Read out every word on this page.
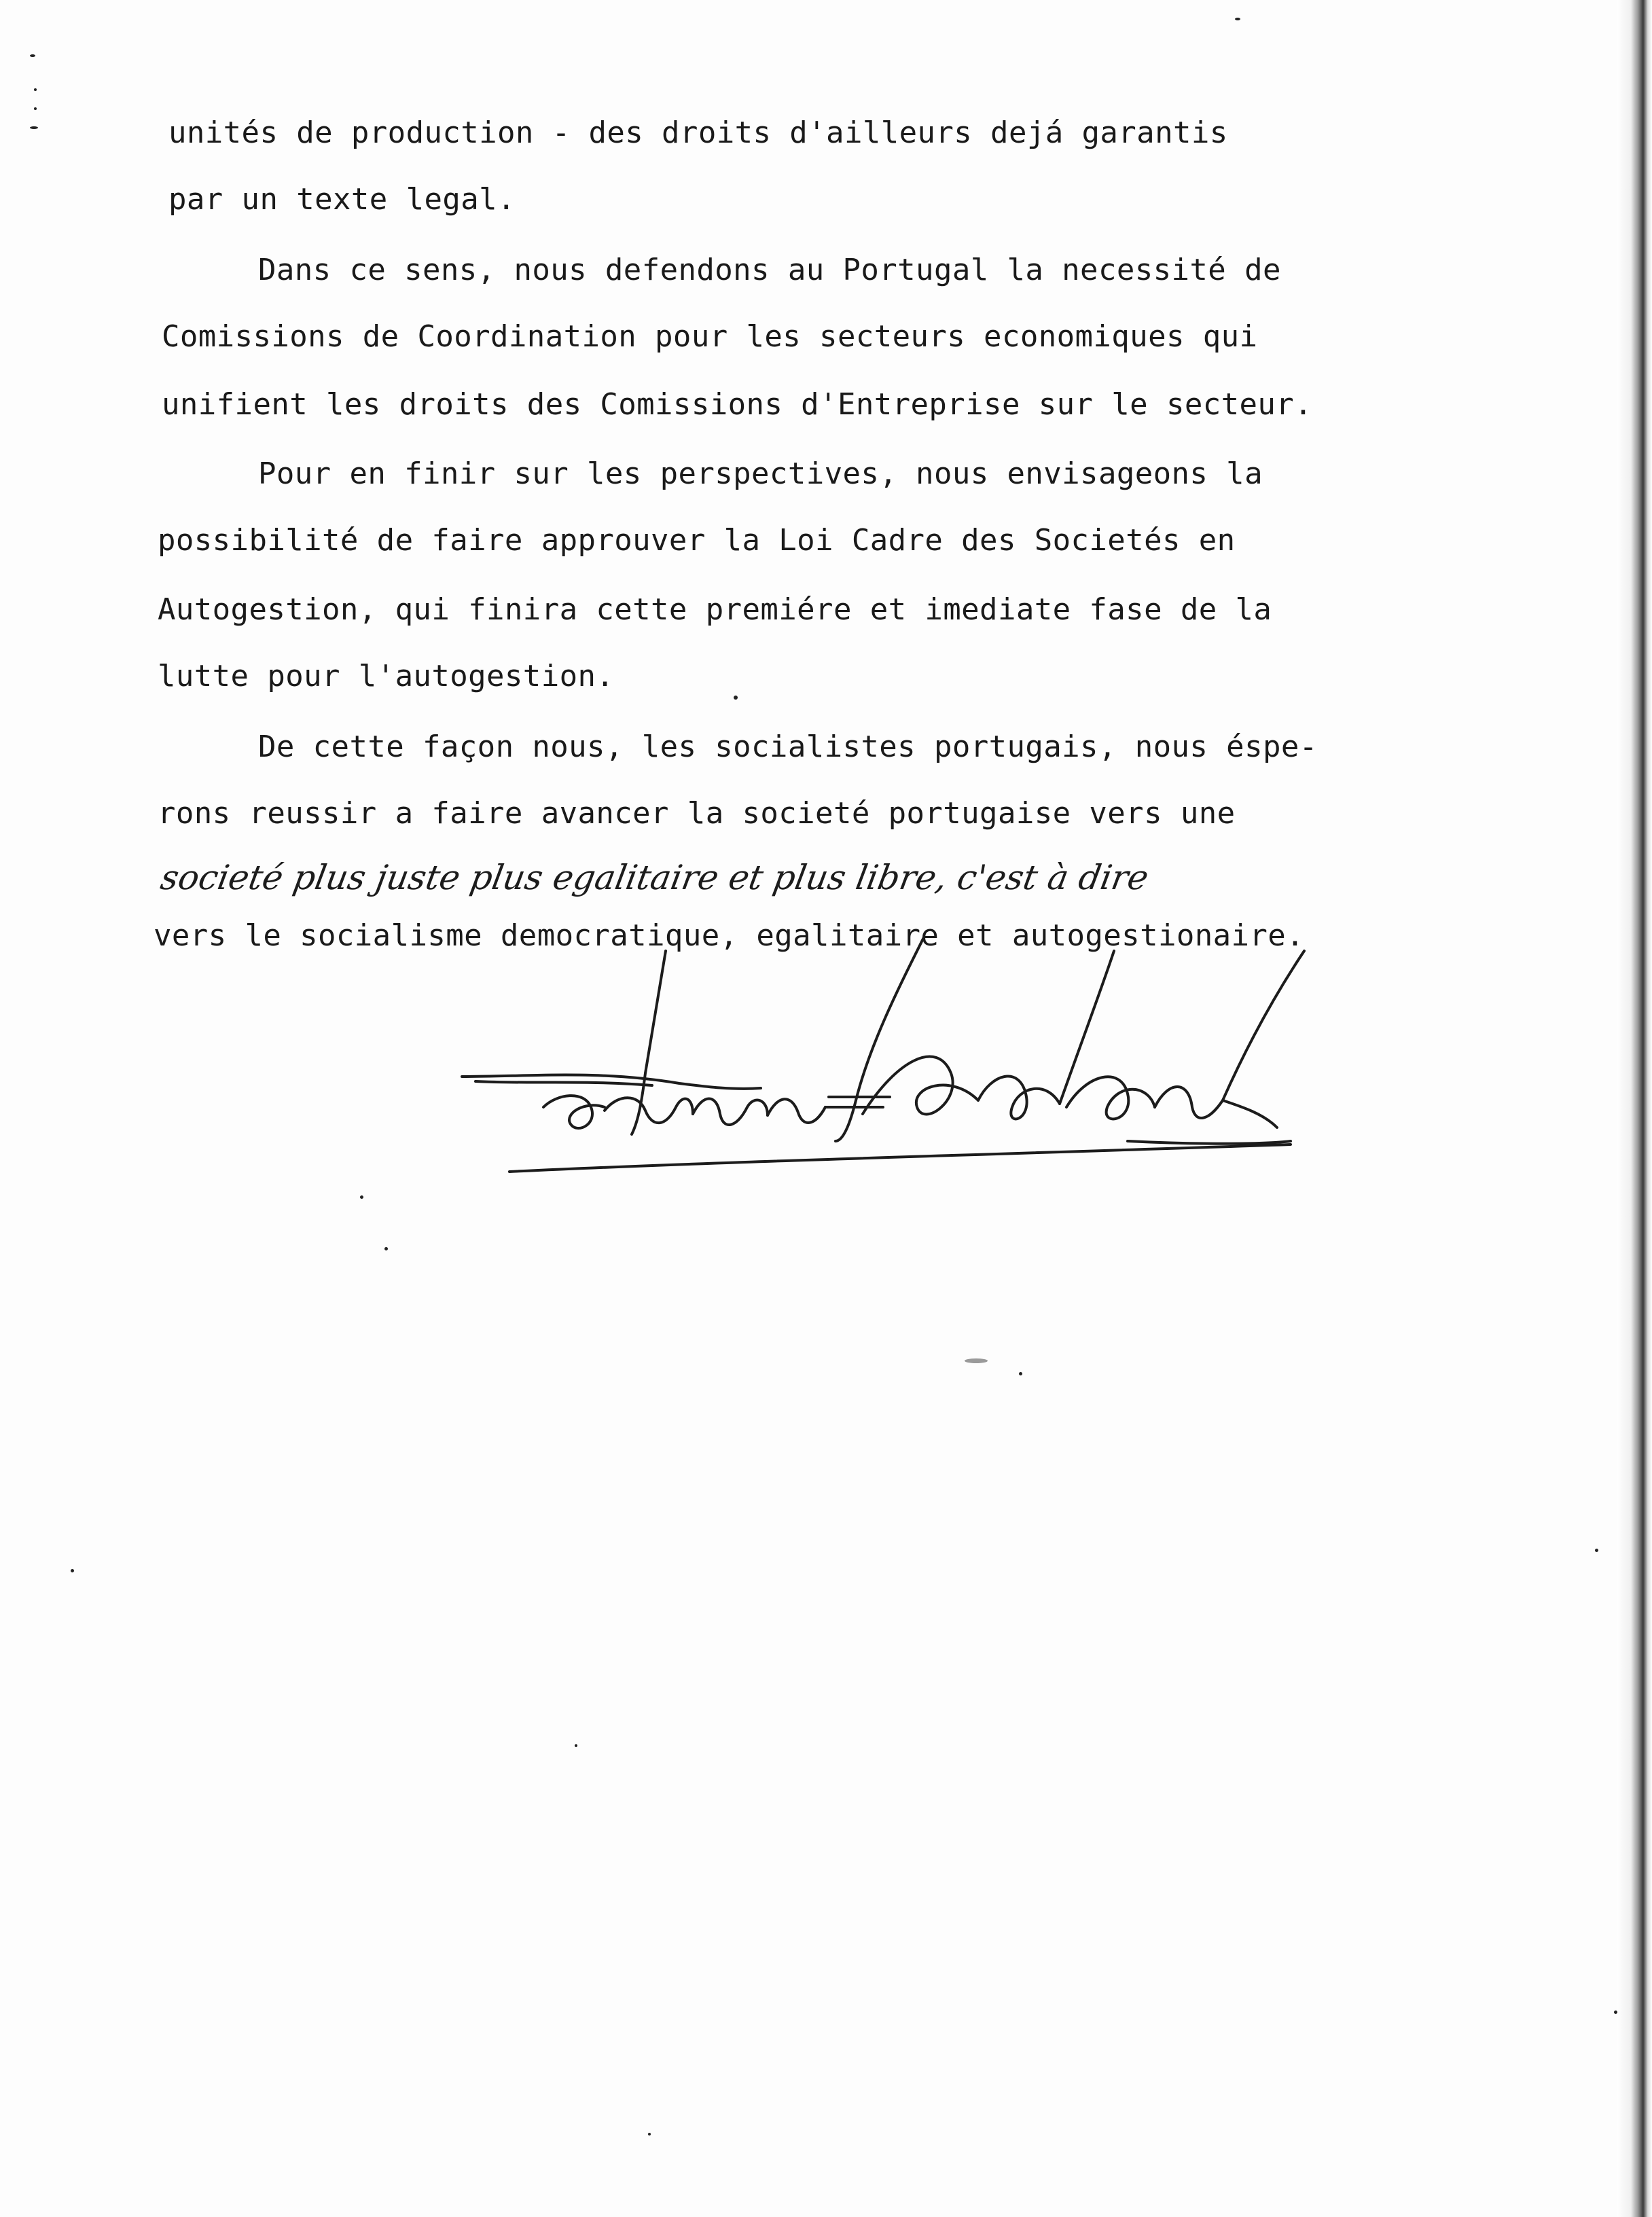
unités de production - des droits d'ailleurs dejá garantis

par un texte legal.

Dans ce sens, nous defendons au Portugal la necessité de

Comissions de Coordination pour les secteurs economiques qui

unifient les droits des Comissions d'Entreprise sur le secteur.

Pour en finir sur les perspectives, nous envisageons la

possibilité de faire approuver la Loi Cadre des Societés en

Autogestion, qui finira cette premiére et imediate fase de la

lutte pour l'autogestion.

De cette façon nous, les socialistes portugais, nous éspe-

rons reussir a faire avancer la societé portugaise vers une

societé plus juste plus egalitaire et plus libre, c'est à dire

vers le socialisme democratique, egalitaire et autogestionaire.
